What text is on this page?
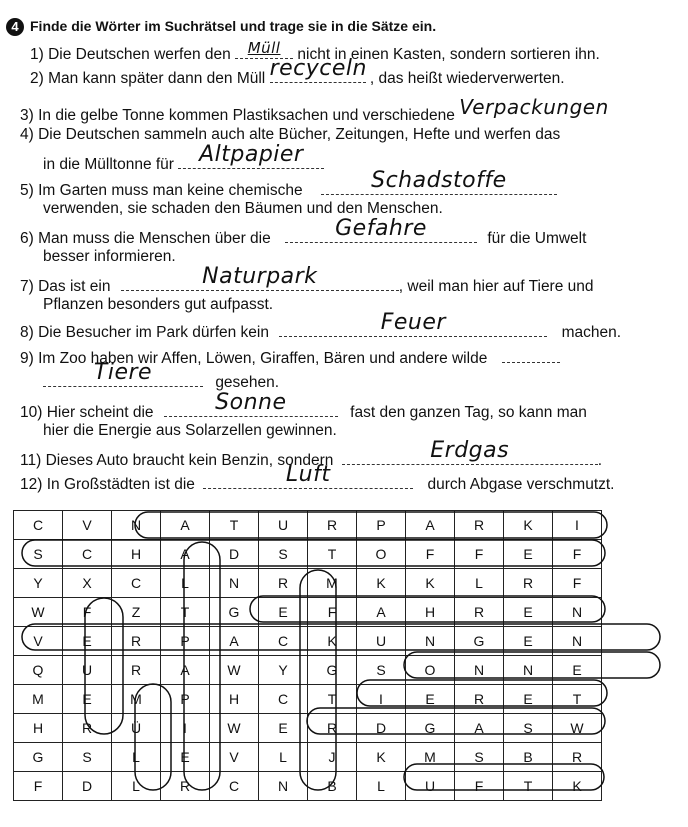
4 Finde die Wörter im Suchrätsel und trage sie in die Sätze ein.
1) Die Deutschen werfen den	Müll	nicht in einen Kasten, sondern sortieren ihn.
2) Man kann später dann den Müll recyceln , das heißt wiederverwerten.
3) In die gelbe Tonne kommen Plastiksachen und verschiedene Verpackungen
4) Die Deutschen sammeln auch alte Bücher, Zeitungen, Hefte und werfen das
in die Mülltonne für	Altpapier
5) Im Garten muss man keine chemische	Schadstoffe
verwenden, sie schaden den Bäumen und den Menschen.
6) Man muss die Menschen über die	Gefahre	für die Umwelt
besser informieren.
7) Das ist ein	Naturpark	, weil man hier auf Tiere und
Pflanzen besonders gut aufpasst.
8) Die Besucher im Park dürfen kein	Feuer	machen.
9) Im Zoo haben wir Affen, Löwen, Giraffen, Bären und andere wilde
Tiere	gesehen.
10) Hier scheint die	Sonne	fast den ganzen Tag, so kann man
hier die Energie aus Solarzellen gewinnen.
11) Dieses Auto braucht kein Benzin, sondern	Erdgas	.
12) In Großstädten ist die	Luft	durch Abgase verschmutzt.
C	V	N	A	T	U	R	P	A	R	K	I
S	C	H	A	D	S	T	O	F	F	E	F
Y	X	C	L	N	R	M	K	K	L	R	F
W	F	Z	T	G	E	F	A	H	R	E	N
V	E	R	P	A	C	K	U	N	G	E	N
Q	U	R	A	W	Y	G	S	O	N	N	E
M	E	M	P	H	C	T	I	E	R	E	T
H	R	Ü	I	W	E	R	D	G	A	S	W
G	S	L	E	V	L	J	K	M	S	B	R
F	D	L	R	C	N	B	L	U	F	T	K
